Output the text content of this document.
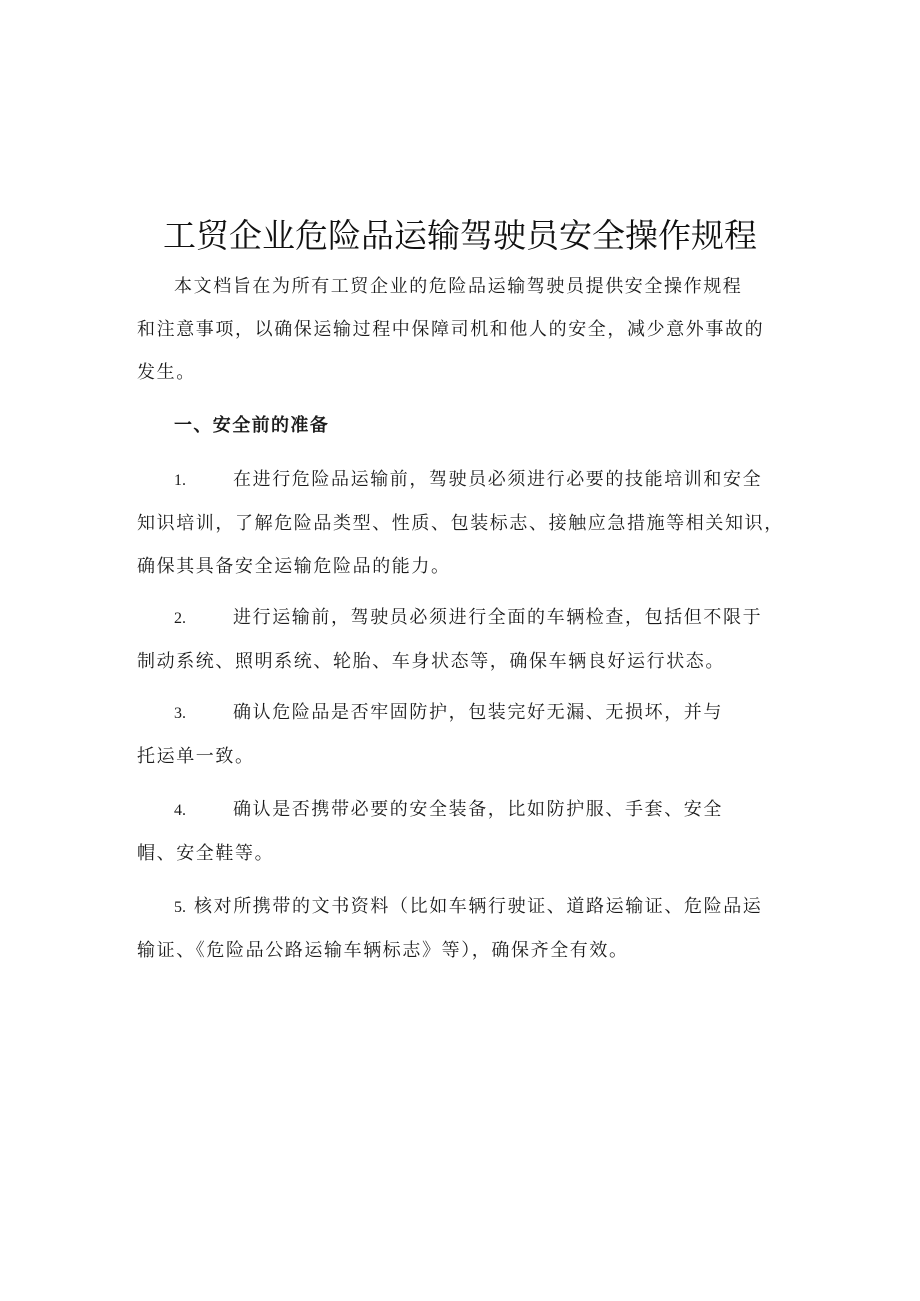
工贸企业危险品运输驾驶员安全操作规程
本文档旨在为所有工贸企业的危险品运输驾驶员提供安全操作规程
和注意事项，以确保运输过程中保障司机和他人的安全，减少意外事故的
发生。
一、安全前的准备
1.	在进行危险品运输前，驾驶员必须进行必要的技能培训和安全
知识培训，了解危险品类型、性质、包装标志、接触应急措施等相关知识，
确保其具备安全运输危险品的能力。
2.	进行运输前，驾驶员必须进行全面的车辆检查，包括但不限于
制动系统、照明系统、轮胎、车身状态等，确保车辆良好运行状态。
3.	确认危险品是否牢固防护，包装完好无漏、无损坏，并与
托运单一致。
4.	确认是否携带必要的安全装备，比如防护服、手套、安全
帽、安全鞋等。
5. 核对所携带的文书资料（比如车辆行驶证、道路运输证、危险品运
输证、《危险品公路运输车辆标志》等），确保齐全有效。
